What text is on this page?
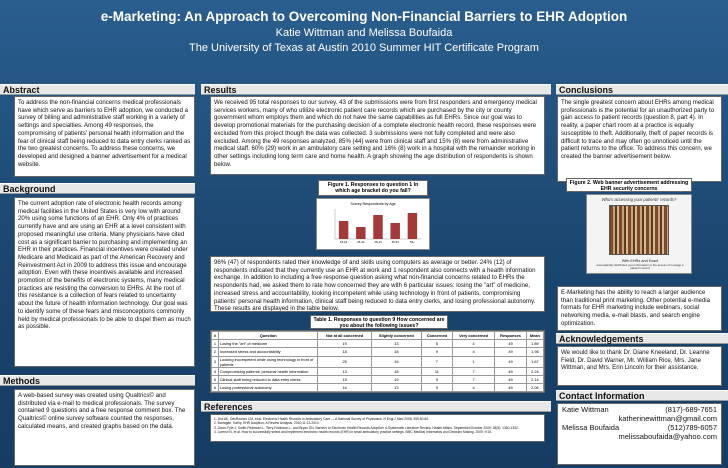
e-Marketing: An Approach to Overcoming Non-Financial Barriers to EHR Adoption
Katie Wittman and Melissa Boufaida
The University of Texas at Austin 2010 Summer HIT Certificate Program
Abstract
To address the non-financial concerns medical professionals have which serve as barriers to EHR adoption, we conducted a survey of billing and administrative staff working in a variety of settings and specialties. Among 49 responses, the compromising of patients' personal health information and the fear of clinical staff being reduced to data entry clerks ranked as the two greatest concerns. To address these concerns, we developed and designed a banner advertisement for a medical website.
Background
The current adoption rate of electronic health records among medical facilities in the United States is very low with around 20% using some functions of an EHR. Only 4% of practices currently have and are using an EHR at a level consistent with proposed meaningful use criteria. Many physicians have cited cost as a significant barrier to purchasing and implementing an EHR in their practices. Financial incentives were created under Medicare and Medicaid as part of the American Recovery and Reinvestment Act in 2009 to address this issue and encourage adoption. Even with these incentives available and increased promotion of the benefits of electronic systems, many medical practices are resisting the conversion to EHRs. At the root of this resistance is a collection of fears related to uncertainty about the future of health information technology. Our goal was to identify some of these fears and misconceptions commonly held by medical professionals to be able to dispel them as much as possible.
Methods
A web-based survey was created using Qualtrics© and distributed via e-mail to medical professionals. The survey contained 9 questions and a free response comment box. The Qualtrics© online survey software counted the responses, calculated means, and created graphs based on the data.
Results
We received 95 total responses to our survey. 43 of the submissions were from first responders and emergency medical services workers, many of who utilize electronic patient care records which are purchased by the city or county government whom employs them and which do not have the same capabilities as full EHRs. Since our goal was to develop promotional materials for the purchasing decision of a complete electronic health record, these responses were excluded from this project though the data was collected. 3 submissions were not fully completed and were also excluded. Among the 49 responses analyzed, 85% (44) were from clinical staff and 15% (8) were from administrative medical staff. 60% (29) work in an ambulatory care setting and 16% (8) work in a hospital with the remainder working in other settings including long term care and home health. A graph showing the age distribution of respondents is shown below.
Figure 1. Responses to question 1 In which age bracket do you fall?
Survey Respondents by Age
18-24	25-34	35-44	45-54	55+
96% (47) of respondents rated their knowledge of and skills using computers as average or better. 24% (12) of respondents indicated that they currently use an EHR at work and 1 respondent also connects with a health information exchange. In addition to including a free response question asking what non-financial concerns related to EHRs the respondents had, we asked them to rate how concerned they are with 6 particular issues: losing the "art" of medicine, increased stress and accountability, looking incompetent while using technology in front of patients, compromising patients' personal health information, clinical staff being reduced to data entry clerks, and losing professional autonomy. These results are displayed in the table below.
Table 1. Responses to question 9 How concerned are you about the following issues?
#	Question	Not at all concerned	Slightly concerned	Concerned	Very concerned	Responses	Mean
1	Losing the "art" of medicine	19	13	5	4	49	1.89
2	Increased stress and accountability	18	18	9	4	49	1.98
3	Looking incompetent while using technology in front of patients	25	16	7	1	49	1.67
4	Compromising patients' personal health information	13	18	11	7	49	2.24
5	Clinical staff being reduced to data entry clerks	15	19	9	7	49	2.14
6	Losing professional autonomy	16	13	9	4	49	2.06
References
1. Jha AK, DesRoches CM, et al. Electronic Health Records In Ambulatory Care — A National Survey of Physicians. N Engl J Med 2008; 359:50-60.
2. Barragan, Kathy. EHR Adoption: A Review Analysis. 2010;11:13-2010.
3. Dixon-Fyle J, Smith-Pedersen L, Terry-Robinson L, and Bryan DN. Barriers to Electronic Health Records Adoption: A Systematic Literature Review. Health Affairs. September/October 2009; 28(5): 1350-1352.
4. Lorenzi N, et al. How to successfully select and implement electronic health records (EHR) in small ambulatory practice settings. BMC Medical Informatics and Decision Making. 2009; 9:15.
Conclusions
The single greatest concern about EHRs among medical professionals is the potential for an unauthorized party to gain access to patient records (question 8, part 4). In reality, a paper chart room at a practice is equally susceptible to theft. Additionally, theft of paper records is difficult to trace and may often go unnoticed until the patient returns to the office. To address this concern, we created the banner advertisement below.
Figure 2. Web banner advertisement addressing EHR security concerns
Who's accessing your patients' records?
With EHRs and Exact
automatically distributes your information to the access of manage a patient's record
E-Marketing has the ability to reach a larger audience than traditional print marketing. Other potential e-media formats for EHR marketing include webinars, social networking media, e-mail blasts, and search engine optimization.
Acknowledgements
We would like to thank Dr. Diane Kneeland, Dr. Leanne Field, Dr. David Warner, Mr. William Rice, Mrs. Jane Wittman, and Mrs. Erin Lincoln for their assistance.
Contact Information
Katie Wittman	(817)-689-7651
katherinewittman@gmail.com
Melissa Boufaida	(512)789-6057
melissaboufaida@yahoo.com
